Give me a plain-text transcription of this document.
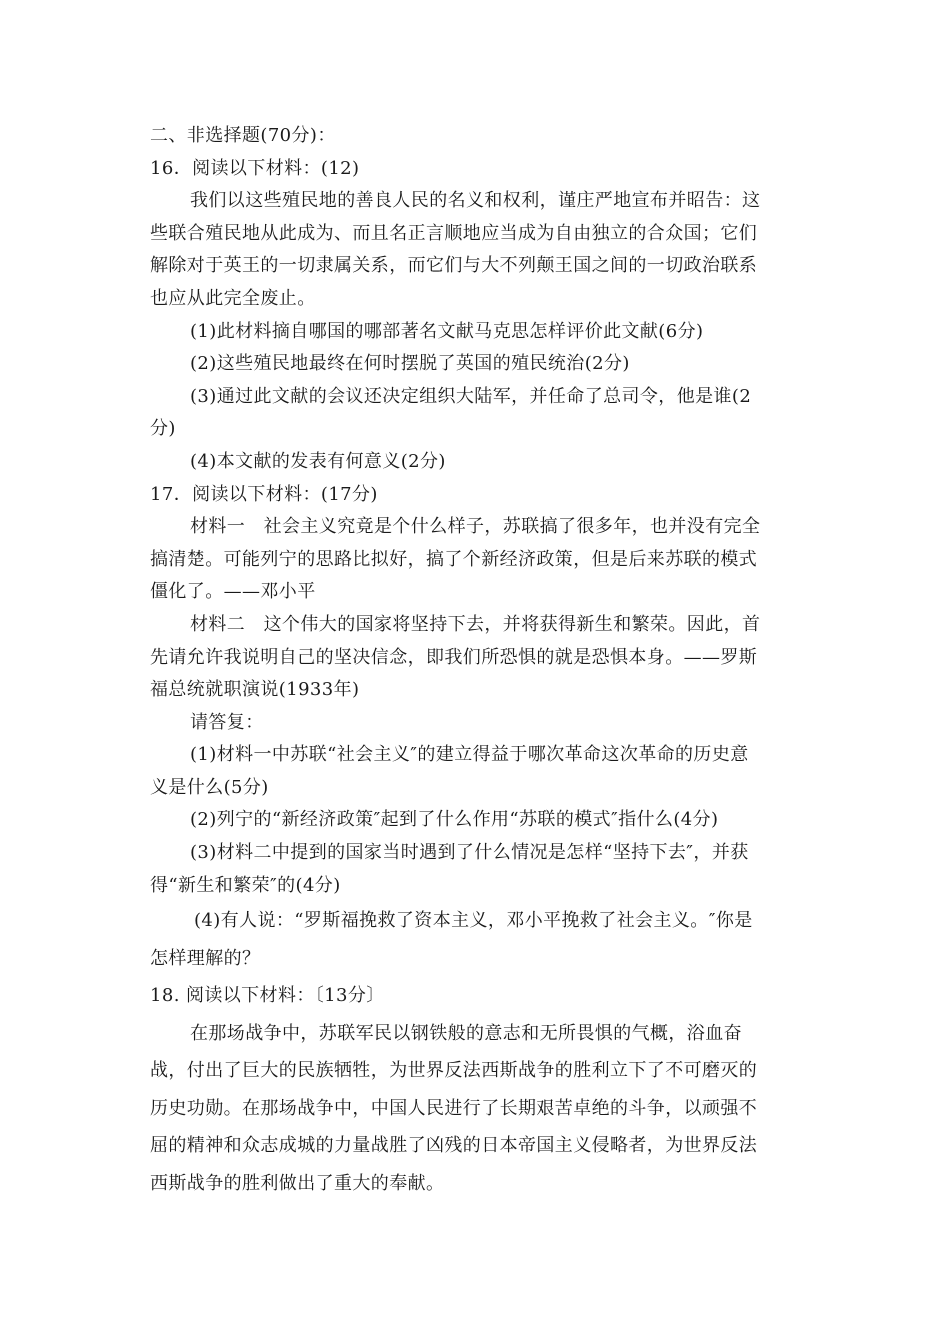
二、非选择题(70分)：
16．阅读以下材料：(12)
我们以这些殖民地的善良人民的名义和权利，谨庄严地宣布并昭告：这
些联合殖民地从此成为、而且名正言顺地应当成为自由独立的合众国；它们
解除对于英王的一切隶属关系，而它们与大不列颠王国之间的一切政治联系
也应从此完全废止。
(1)此材料摘自哪国的哪部著名文献马克思怎样评价此文献(6分)
(2)这些殖民地最终在何时摆脱了英国的殖民统治(2分)
(3)通过此文献的会议还决定组织大陆军，并任命了总司令，他是谁(2
分)
(4)本文献的发表有何意义(2分)
17．阅读以下材料：(17分)
材料一　社会主义究竟是个什么样子，苏联搞了很多年，也并没有完全
搞清楚。可能列宁的思路比拟好，搞了个新经济政策，但是后来苏联的模式
僵化了。——邓小平
材料二　这个伟大的国家将坚持下去，并将获得新生和繁荣。因此，首
先请允许我说明自己的坚决信念，即我们所恐惧的就是恐惧本身。——罗斯
福总统就职演说(1933年)
请答复：
(1)材料一中苏联“社会主义″的建立得益于哪次革命这次革命的历史意
义是什么(5分)
(2)列宁的“新经济政策″起到了什么作用“苏联的模式″指什么(4分)
(3)材料二中提到的国家当时遇到了什么情况是怎样“坚持下去″，并获
得“新生和繁荣″的(4分)
(4)有人说：“罗斯福挽救了资本主义，邓小平挽救了社会主义。″你是
怎样理解的？
18. 阅读以下材料：〔13分〕
在那场战争中，苏联军民以钢铁般的意志和无所畏惧的气概，浴血奋
战，付出了巨大的民族牺牲，为世界反法西斯战争的胜利立下了不可磨灭的
历史功勋。在那场战争中，中国人民进行了长期艰苦卓绝的斗争，以顽强不
屈的精神和众志成城的力量战胜了凶残的日本帝国主义侵略者，为世界反法
西斯战争的胜利做出了重大的奉献。
